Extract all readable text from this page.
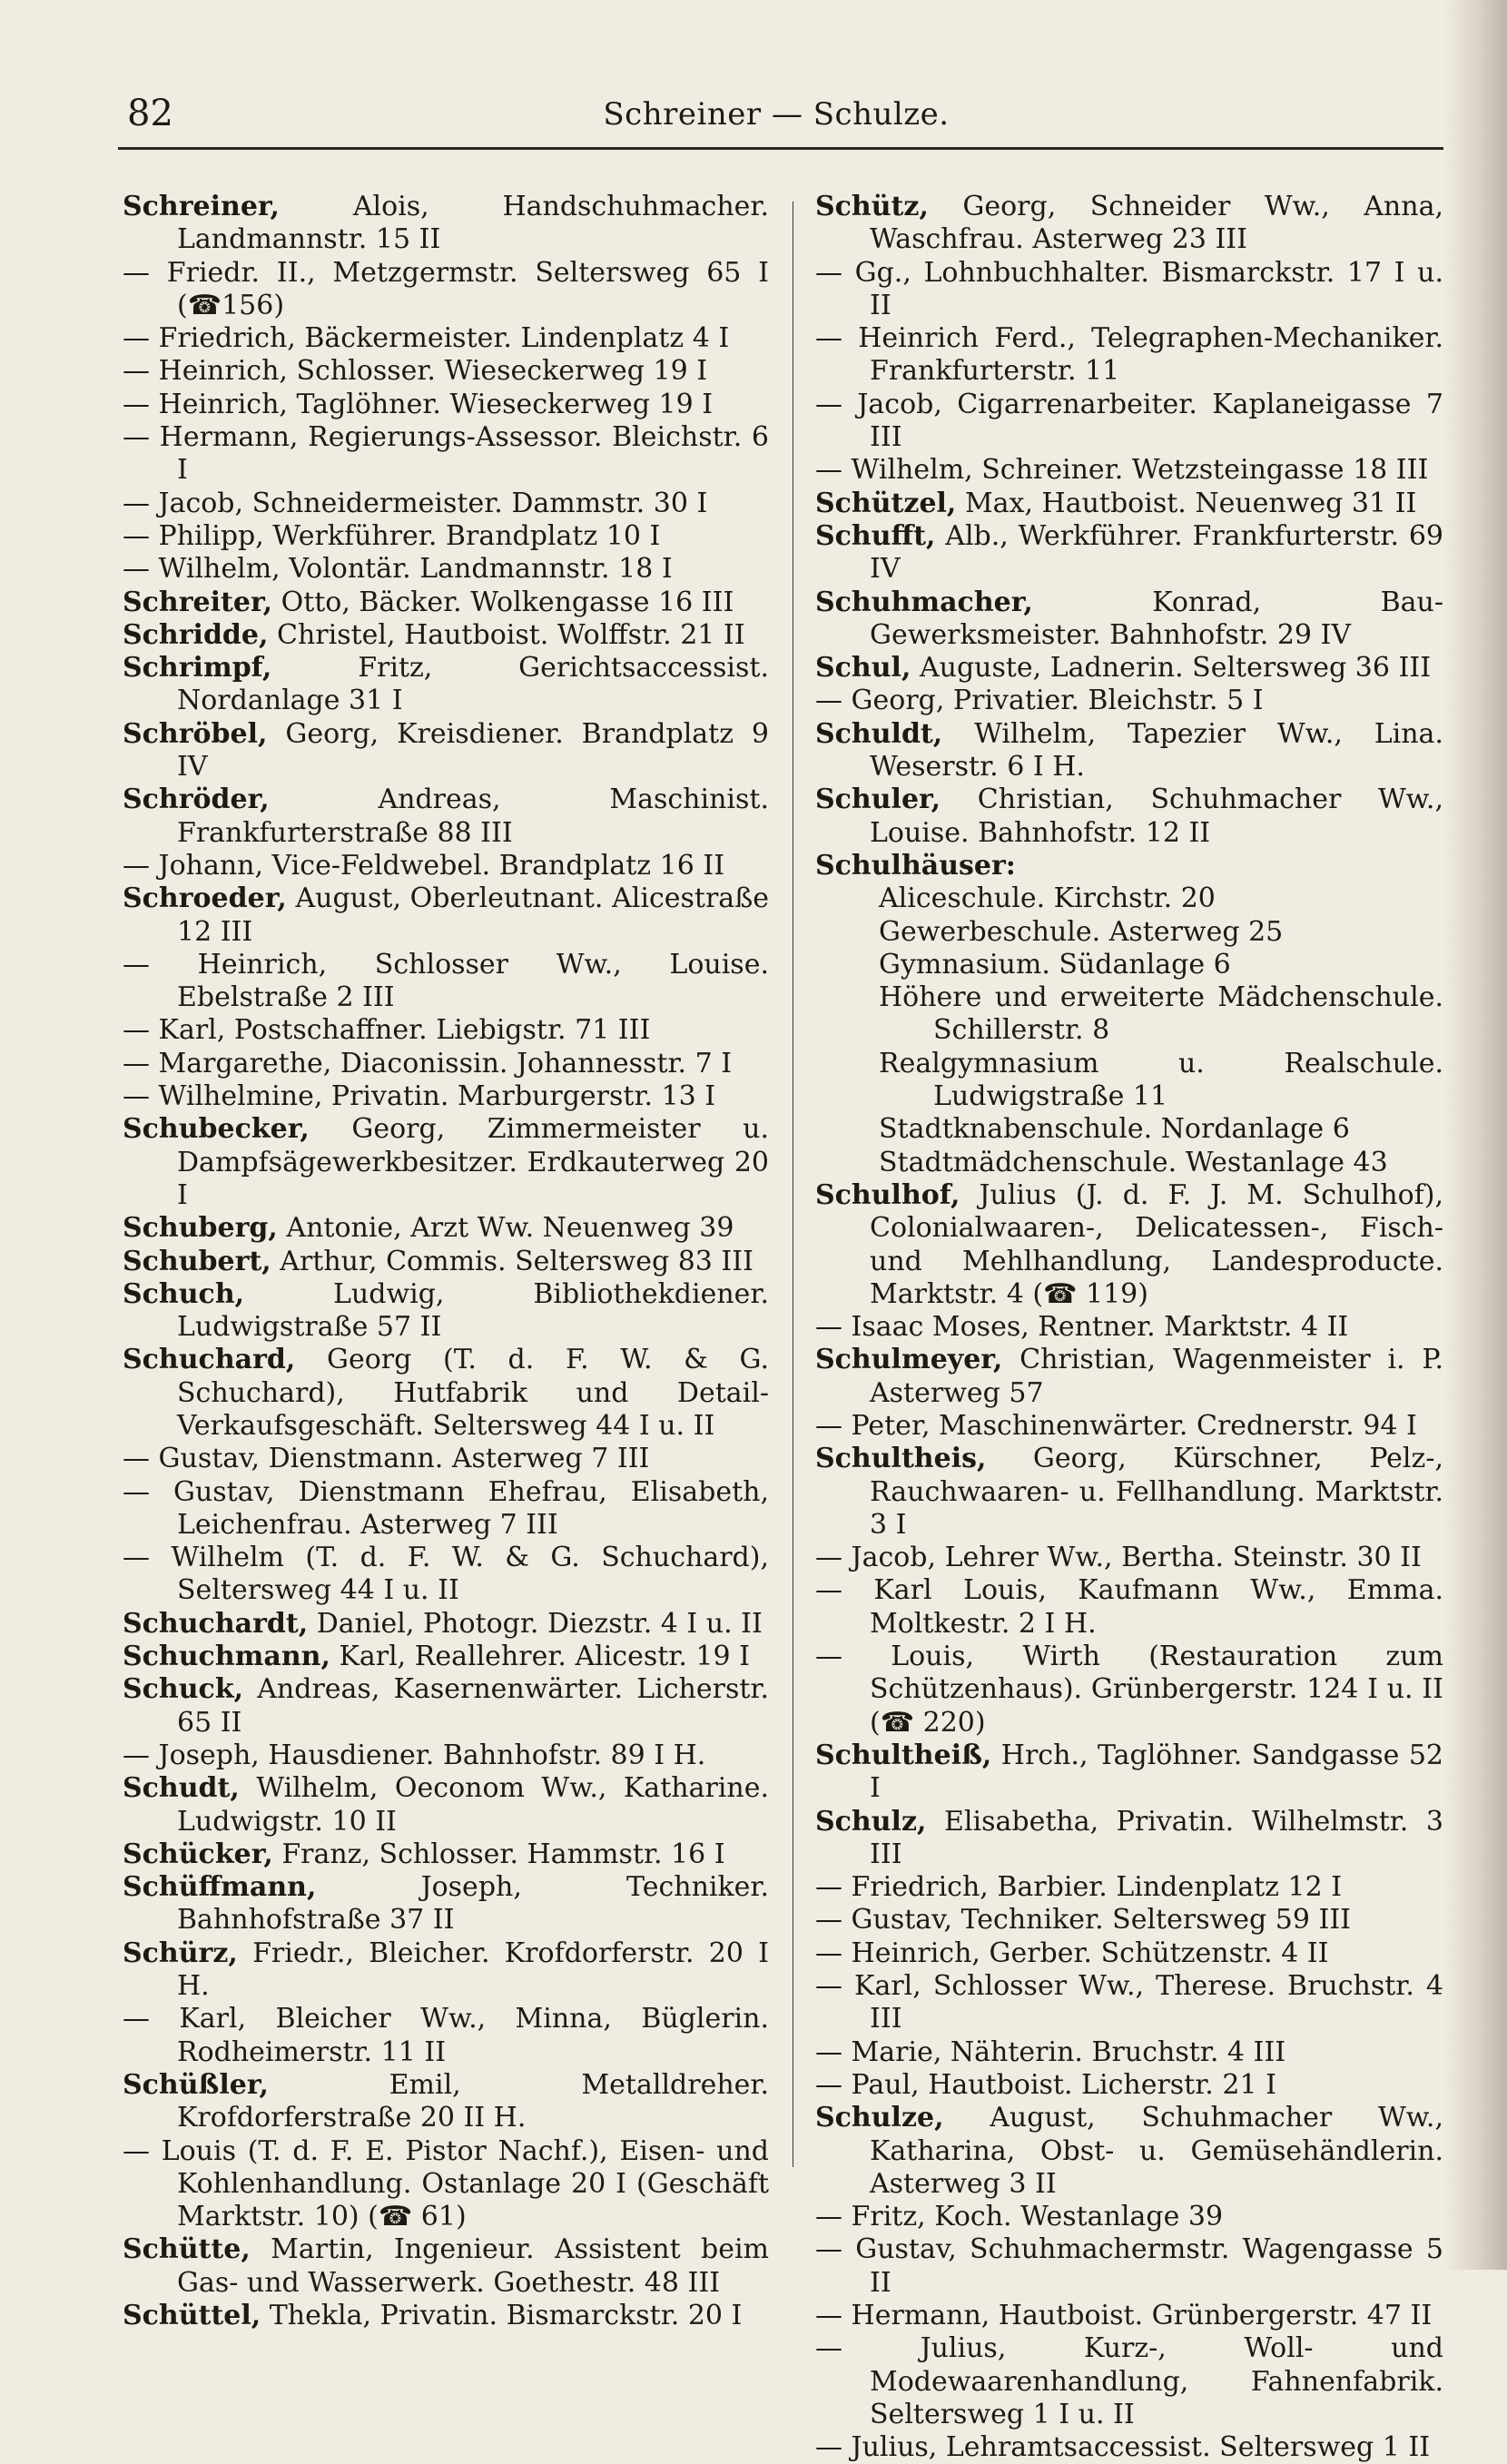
82	Schreiner — Schulze.

Schreiner,	Alois, Handschuhmacher. Landmannstr. 15 II

— Friedr. II., Metzgermstr. Seltersweg 65 I (☎156)

— Friedrich, Bäckermeister. Lindenplatz 4 I

— Heinrich, Schlosser. Wieseckerweg 19 I

— Heinrich, Taglöhner. Wieseckerweg 19 I

— Hermann, Regierungs-Assessor. Bleichstr. 6 I

— Jacob, Schneidermeister. Dammstr. 30 I

— Philipp, Werkführer. Brandplatz 10 I

— Wilhelm, Volontär. Landmannstr. 18 I

Schreiter, Otto, Bäcker. Wolkengasse 16 III

Schridde, Christel, Hautboist. Wolffstr. 21 II

Schrimpf,	Fritz, Gerichtsaccessist. Nordanlage 31 I

Schröbel, Georg, Kreisdiener. Brandplatz 9 IV

Schröder,	Andreas, Maschinist. Frankfurterstraße 88 III

— Johann, Vice-Feldwebel. Brandplatz 16 II

Schroeder, August, Oberleutnant. Alicestraße 12 III

— Heinrich, Schlosser Ww., Louise. Ebelstraße 2 III

— Karl, Postschaffner. Liebigstr. 71 III

— Margarethe, Diaconissin. Johannesstr. 7 I

— Wilhelmine, Privatin. Marburgerstr. 13 I

Schubecker, Georg, Zimmermeister u. Dampfsägewerkbesitzer. Erdkauterweg 20 I

Schuberg, Antonie, Arzt Ww. Neuenweg 39

Schubert, Arthur, Commis. Seltersweg 83 III

Schuch,	Ludwig, Bibliothekdiener. Ludwigstraße 57 II

Schuchard, Georg (T. d. F. W. & G. Schuchard), Hutfabrik und Detail-Verkaufsgeschäft. Seltersweg 44 I u. II

— Gustav, Dienstmann. Asterweg 7 III

— Gustav, Dienstmann Ehefrau, Elisabeth, Leichenfrau. Asterweg 7 III

— Wilhelm (T. d. F. W. & G. Schuchard), Seltersweg 44 I u. II

Schuchardt, Daniel, Photogr. Diezstr. 4 I u. II

Schuchmann, Karl, Reallehrer. Alicestr. 19 I

Schuck, Andreas, Kasernenwärter. Licherstr. 65 II

— Joseph, Hausdiener. Bahnhofstr. 89 I H.

Schudt, Wilhelm, Oeconom Ww., Katharine. Ludwigstr. 10 II

Schücker, Franz, Schlosser. Hammstr. 16 I

Schüffmann,	Joseph, Techniker. Bahnhofstraße 37 II

Schürz, Friedr., Bleicher. Krofdorferstr. 20 I H.

— Karl, Bleicher Ww., Minna, Büglerin. Rodheimerstr. 11 II

Schüßler,	Emil, Metalldreher. Krofdorferstraße 20 II H.

— Louis (T. d. F. E. Pistor Nachf.), Eisen- und Kohlenhandlung. Ostanlage 20 I (Geschäft Marktstr. 10) (☎ 61)

Schütte, Martin, Ingenieur. Assistent beim Gas- und Wasserwerk. Goethestr. 48 III

Schüttel, Thekla, Privatin. Bismarckstr. 20 I

Schütz, Georg, Schneider Ww., Anna, Waschfrau. Asterweg 23 III

— Gg., Lohnbuchhalter. Bismarckstr. 17 I u. II

— Heinrich Ferd., Telegraphen-Mechaniker. Frankfurterstr. 11

— Jacob, Cigarrenarbeiter. Kaplaneigasse 7 III

— Wilhelm, Schreiner. Wetzsteingasse 18 III

Schützel, Max, Hautboist. Neuenweg 31 II

Schufft, Alb., Werkführer. Frankfurterstr. 69 IV

Schuhmacher,	Konrad, Bau-Gewerksmeister. Bahnhofstr. 29 IV

Schul, Auguste, Ladnerin. Seltersweg 36 III

— Georg, Privatier. Bleichstr. 5 I

Schuldt, Wilhelm, Tapezier Ww., Lina. Weserstr. 6 I H.

Schuler, Christian, Schuhmacher Ww., Louise. Bahnhofstr. 12 II

Schulhäuser:

Aliceschule. Kirchstr. 20

Gewerbeschule. Asterweg 25

Gymnasium. Südanlage 6

Höhere und erweiterte Mädchenschule. Schillerstr. 8

Realgymnasium u. Realschule. Ludwigstraße 11

Stadtknabenschule. Nordanlage 6

Stadtmädchenschule. Westanlage 43

Schulhof, Julius (J. d. F. J. M. Schulhof), Colonialwaaren-, Delicatessen-, Fisch- und Mehlhandlung, Landesproducte. Marktstr. 4 (☎ 119)

— Isaac Moses, Rentner. Marktstr. 4 II

Schulmeyer, Christian, Wagenmeister i. P. Asterweg 57

— Peter, Maschinenwärter. Crednerstr. 94 I

Schultheis, Georg, Kürschner, Pelz-, Rauchwaaren- u. Fellhandlung. Marktstr. 3 I

— Jacob, Lehrer Ww., Bertha. Steinstr. 30 II

— Karl Louis, Kaufmann Ww., Emma. Moltkestr. 2 I H.

— Louis, Wirth (Restauration zum Schützenhaus). Grünbergerstr. 124 I u. II (☎ 220)

Schultheiß, Hrch., Taglöhner. Sandgasse 52 I

Schulz, Elisabetha, Privatin. Wilhelmstr. 3 III

— Friedrich, Barbier. Lindenplatz 12 I

— Gustav, Techniker. Seltersweg 59 III

— Heinrich, Gerber. Schützenstr. 4 II

— Karl, Schlosser Ww., Therese. Bruchstr. 4 III

— Marie, Nähterin. Bruchstr. 4 III

— Paul, Hautboist. Licherstr. 21 I

Schulze, August, Schuhmacher Ww., Katharina, Obst- u. Gemüsehändlerin. Asterweg 3 II

— Fritz, Koch. Westanlage 39

— Gustav, Schuhmachermstr. Wagengasse 5 II

— Hermann, Hautboist. Grünbergerstr. 47 II

— Julius, Kurz-, Woll- und Modewaarenhandlung, Fahnenfabrik. Seltersweg 1 I u. II

— Julius, Lehramtsaccessist. Seltersweg 1 II
